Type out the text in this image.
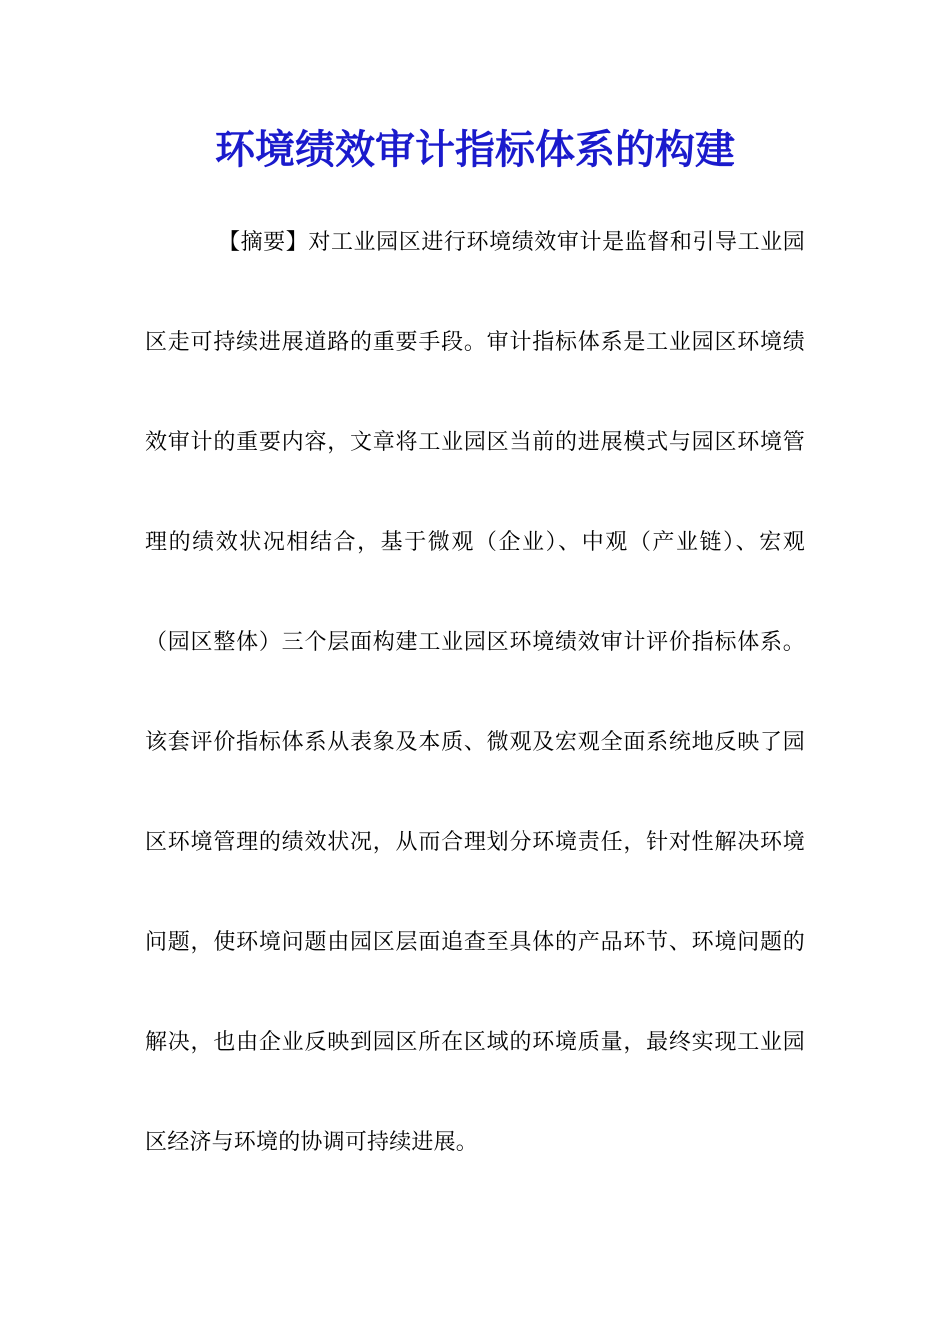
环境绩效审计指标体系的构建
【摘要】对工业园区进行环境绩效审计是监督和引导工业园
区走可持续进展道路的重要手段。审计指标体系是工业园区环境绩
效审计的重要内容，文章将工业园区当前的进展模式与园区环境管
理的绩效状况相结合，基于微观（企业）、中观（产业链）、宏观
（园区整体）三个层面构建工业园区环境绩效审计评价指标体系。
该套评价指标体系从表象及本质、微观及宏观全面系统地反映了园
区环境管理的绩效状况，从而合理划分环境责任，针对性解决环境
问题，使环境问题由园区层面追查至具体的产品环节、环境问题的
解决，也由企业反映到园区所在区域的环境质量，最终实现工业园
区经济与环境的协调可持续进展。
